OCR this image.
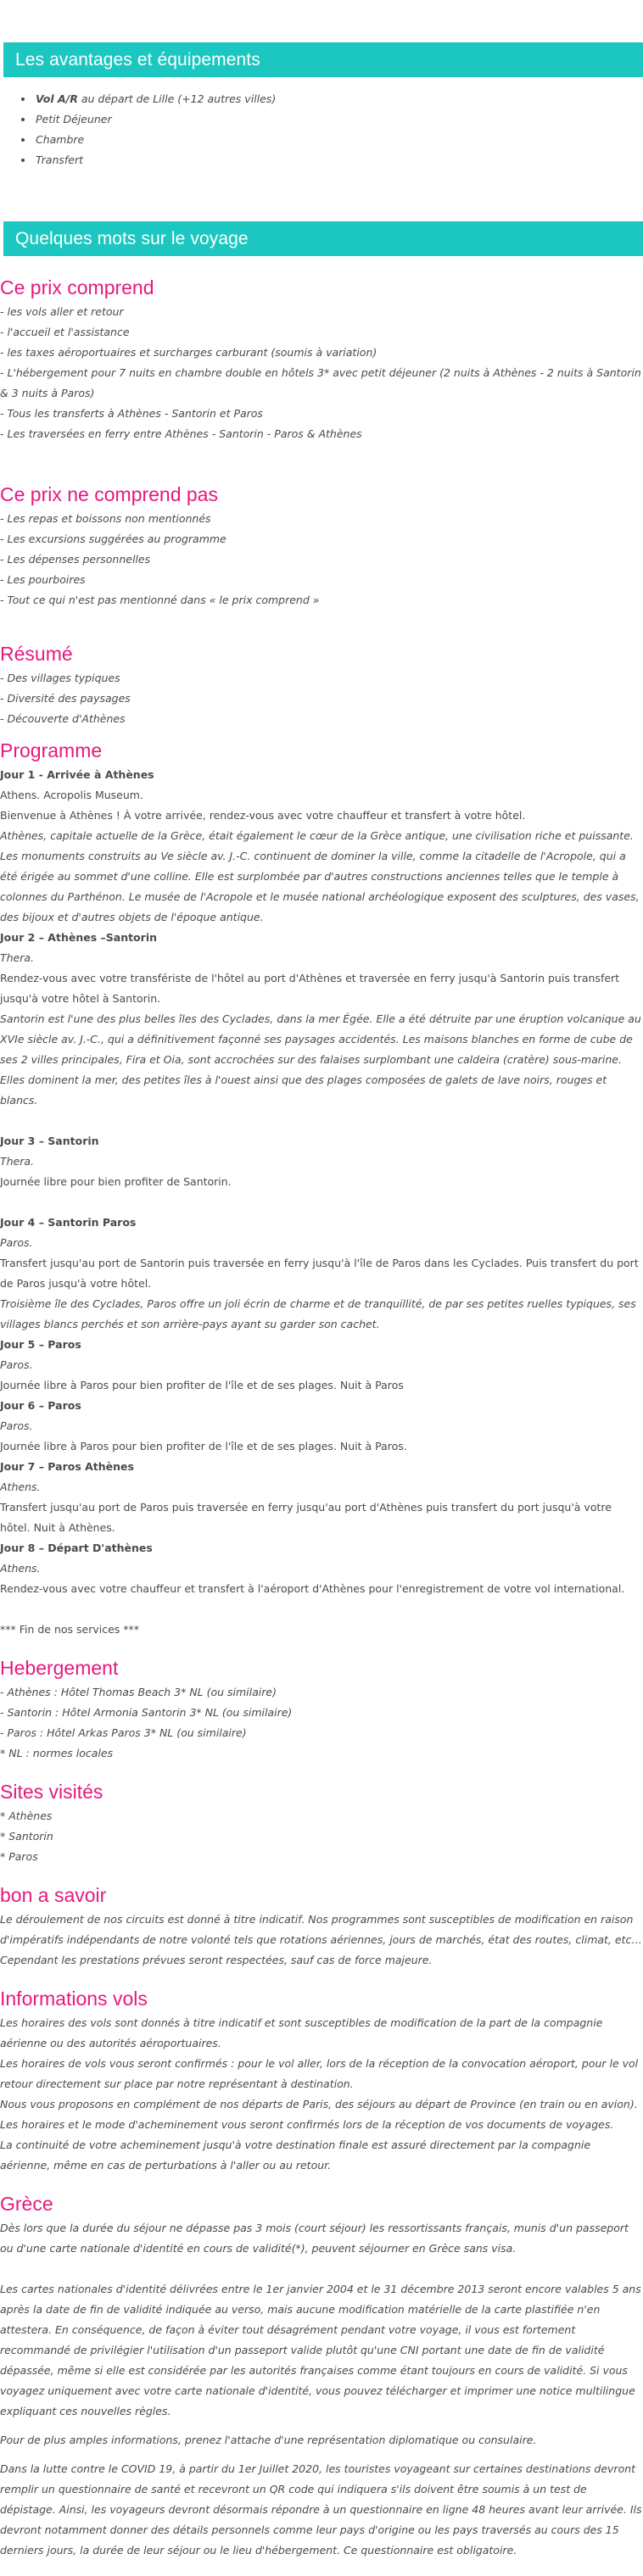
Les avantages et équipements
• Vol A/R au départ de Lille (+12 autres villes)
• Petit Déjeuner
• Chambre
• Transfert
Quelques mots sur le voyage
Ce prix comprend

- les vols aller et retour

- l'accueil et l'assistance

- les taxes aéroportuaires et surcharges carburant (soumis à variation)

- L'hébergement pour 7 nuits en chambre double en hôtels 3* avec petit déjeuner (2 nuits à Athènes - 2 nuits à Santorin & 3 nuits à Paros)

- Tous les transferts à Athènes - Santorin et Paros

- Les traversées en ferry entre Athènes - Santorin - Paros & Athènes

Ce prix ne comprend pas

- Les repas et boissons non mentionnés

- Les excursions suggérées au programme

- Les dépenses personnelles

- Les pourboires

- Tout ce qui n'est pas mentionné dans « le prix comprend »

Résumé

- Des villages typiques

- Diversité des paysages

- Découverte d'Athènes

Programme

Jour 1 - Arrivée à Athènes

Athens. Acropolis Museum.

Bienvenue à Athènes ! À votre arrivée, rendez-vous avec votre chauffeur et transfert à votre hôtel.

Athènes, capitale actuelle de la Grèce, était également le cœur de la Grèce antique, une civilisation riche et puissante. Les monuments construits au Ve siècle av. J.-C. continuent de dominer la ville, comme la citadelle de l'Acropole, qui a été érigée au sommet d'une colline. Elle est surplombée par d'autres constructions anciennes telles que le temple à colonnes du Parthénon. Le musée de l'Acropole et le musée national archéologique exposent des sculptures, des vases, des bijoux et d'autres objets de l'époque antique.

Jour 2 – Athènes –Santorin

Thera.

Rendez-vous avec votre transfériste de l'hôtel au port d'Athènes et traversée en ferry jusqu'à Santorin puis transfert jusqu'à votre hôtel à Santorin.

Santorin est l'une des plus belles îles des Cyclades, dans la mer Égée. Elle a été détruite par une éruption volcanique au XVIe siècle av. J.-C., qui a définitivement façonné ses paysages accidentés. Les maisons blanches en forme de cube de ses 2 villes principales, Fira et Oia, sont accrochées sur des falaises surplombant une caldeira (cratère) sous-marine. Elles dominent la mer, des petites îles à l'ouest ainsi que des plages composées de galets de lave noirs, rouges et blancs.

Jour 3 – Santorin

Thera.

Journée libre pour bien profiter de Santorin.

Jour 4 – Santorin Paros

Paros.

Transfert jusqu'au port de Santorin puis traversée en ferry jusqu'à l'île de Paros dans les Cyclades. Puis transfert du port de Paros jusqu'à votre hôtel.

Troisième île des Cyclades, Paros offre un joli écrin de charme et de tranquillité, de par ses petites ruelles typiques, ses villages blancs perchés et son arrière-pays ayant su garder son cachet.

Jour 5 – Paros

Paros.

Journée libre à Paros pour bien profiter de l'île et de ses plages. Nuit à Paros

Jour 6 – Paros

Paros.

Journée libre à Paros pour bien profiter de l'île et de ses plages. Nuit à Paros.

Jour 7 – Paros Athènes

Athens.

Transfert jusqu'au port de Paros puis traversée en ferry jusqu'au port d'Athènes puis transfert du port jusqu'à votre hôtel. Nuit à Athènes.

Jour 8 – Départ D'athènes

Athens.

Rendez-vous avec votre chauffeur et transfert à l'aéroport d'Athènes pour l'enregistrement de votre vol international.

*** Fin de nos services ***

Hebergement

- Athènes : Hôtel Thomas Beach 3* NL (ou similaire)

- Santorin : Hôtel Armonia Santorin 3* NL (ou similaire)

- Paros : Hôtel Arkas Paros 3* NL (ou similaire)

* NL : normes locales

Sites visités

* Athènes

* Santorin

* Paros

bon a savoir

Le déroulement de nos circuits est donné à titre indicatif. Nos programmes sont susceptibles de modification en raison d'impératifs indépendants de notre volonté tels que rotations aériennes, jours de marchés, état des routes, climat, etc… Cependant les prestations prévues seront respectées, sauf cas de force majeure.

Informations vols

Les horaires des vols sont donnés à titre indicatif et sont susceptibles de modification de la part de la compagnie aérienne ou des autorités aéroportuaires.

Les horaires de vols vous seront confirmés : pour le vol aller, lors de la réception de la convocation aéroport, pour le vol retour directement sur place par notre représentant à destination.

Nous vous proposons en complément de nos départs de Paris, des séjours au départ de Province (en train ou en avion).

Les horaires et le mode d'acheminement vous seront confirmés lors de la réception de vos documents de voyages.

La continuité de votre acheminement jusqu'à votre destination finale est assuré directement par la compagnie aérienne, même en cas de perturbations à l'aller ou au retour.

Grèce

Dès lors que la durée du séjour ne dépasse pas 3 mois (court séjour) les ressortissants français, munis d'un passeport ou d'une carte nationale d'identité en cours de validité(*), peuvent séjourner en Grèce sans visa.

Les cartes nationales d'identité délivrées entre le 1er janvier 2004 et le 31 décembre 2013 seront encore valables 5 ans après la date de fin de validité indiquée au verso, mais aucune modification matérielle de la carte plastifiée n'en attestera. En conséquence, de façon à éviter tout désagrément pendant votre voyage, il vous est fortement recommandé de privilégier l'utilisation d'un passeport valide plutôt qu'une CNI portant une date de fin de validité dépassée, même si elle est considérée par les autorités françaises comme étant toujours en cours de validité. Si vous voyagez uniquement avec votre carte nationale d'identité, vous pouvez télécharger et imprimer une notice multilingue expliquant ces nouvelles règles.

Pour de plus amples informations, prenez l'attache d'une représentation diplomatique ou consulaire.

Dans la lutte contre le COVID 19, à partir du 1er Juillet 2020, les touristes voyageant sur certaines destinations devront remplir un questionnaire de santé et recevront un QR code qui indiquera s'ils doivent être soumis à un test de dépistage. Ainsi, les voyageurs devront désormais répondre à un questionnaire en ligne 48 heures avant leur arrivée. Ils devront notamment donner des détails personnels comme leur pays d'origine ou les pays traversés au cours des 15 derniers jours, la durée de leur séjour ou le lieu d'hébergement. Ce questionnaire est obligatoire.
